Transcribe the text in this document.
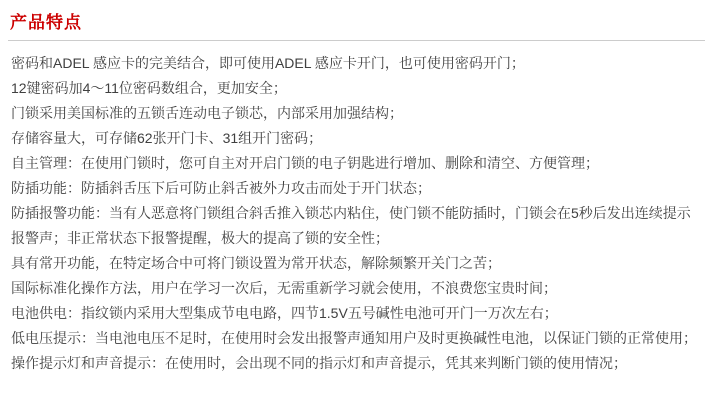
产品特点
密码和ADEL 感应卡的完美结合，即可使用ADEL 感应卡开门，也可使用密码开门；
12键密码加4～11位密码数组合，更加安全；
门锁采用美国标准的五锁舌连动电子锁芯，内部采用加强结构；
存储容量大，可存储62张开门卡、31组开门密码；
自主管理：在使用门锁时，您可自主对开启门锁的电子钥匙进行增加、删除和清空、方便管理；
防插功能：防插斜舌压下后可防止斜舌被外力攻击而处于开门状态；
防插报警功能：当有人恶意将门锁组合斜舌推入锁芯内粘住，使门锁不能防插时，门锁会在5秒后发出连续提示
报警声；非正常状态下报警提醒，极大的提高了锁的安全性；
具有常开功能，在特定场合中可将门锁设置为常开状态，解除频繁开关门之苦；
国际标准化操作方法，用户在学习一次后，无需重新学习就会使用，不浪费您宝贵时间；
电池供电：指纹锁内采用大型集成节电电路，四节1.5V五号碱性电池可开门一万次左右；
低电压提示：当电池电压不足时，在使用时会发出报警声通知用户及时更换碱性电池，以保证门锁的正常使用；
操作提示灯和声音提示：在使用时，会出现不同的指示灯和声音提示，凭其来判断门锁的使用情况；
